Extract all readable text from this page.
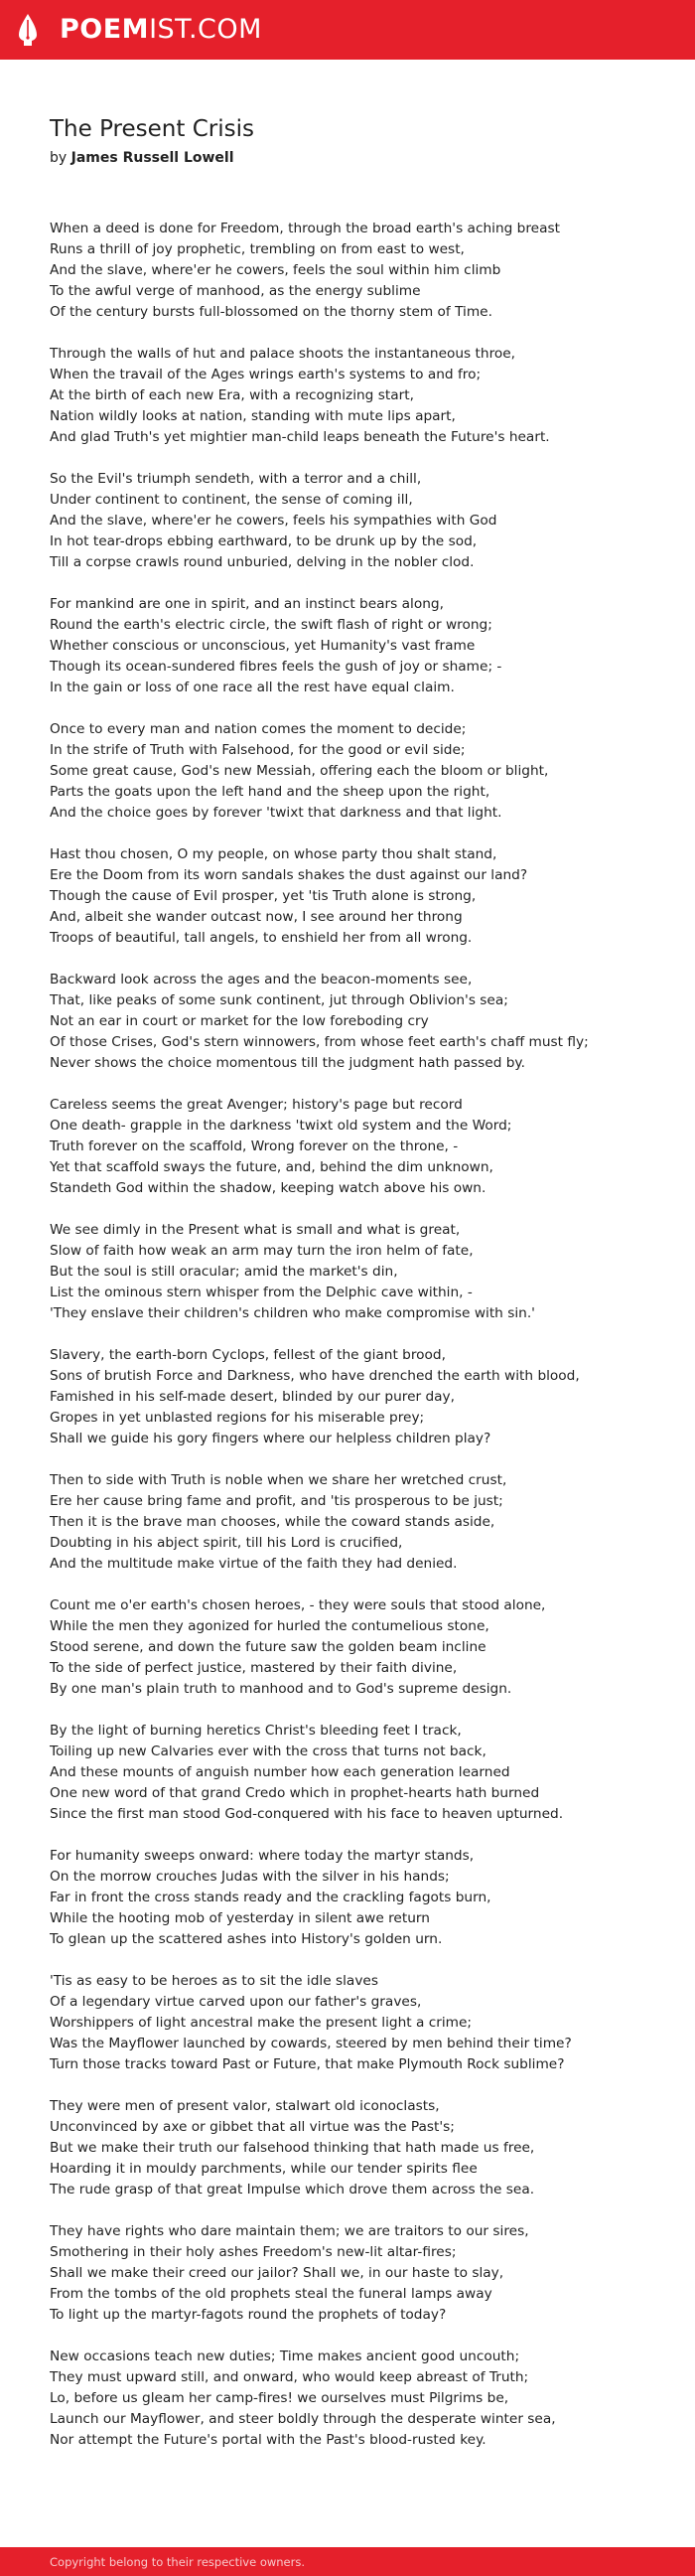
POEMIST.COM
The Present Crisis
by James Russell Lowell
When a deed is done for Freedom, through the broad earth's aching breast
Runs a thrill of joy prophetic, trembling on from east to west,
And the slave, where'er he cowers, feels the soul within him climb
To the awful verge of manhood, as the energy sublime
Of the century bursts full-blossomed on the thorny stem of Time.
Through the walls of hut and palace shoots the instantaneous throe,
When the travail of the Ages wrings earth's systems to and fro;
At the birth of each new Era, with a recognizing start,
Nation wildly looks at nation, standing with mute lips apart,
And glad Truth's yet mightier man-child leaps beneath the Future's heart.
So the Evil's triumph sendeth, with a terror and a chill,
Under continent to continent, the sense of coming ill,
And the slave, where'er he cowers, feels his sympathies with God
In hot tear-drops ebbing earthward, to be drunk up by the sod,
Till a corpse crawls round unburied, delving in the nobler clod.
For mankind are one in spirit, and an instinct bears along,
Round the earth's electric circle, the swift flash of right or wrong;
Whether conscious or unconscious, yet Humanity's vast frame
Though its ocean-sundered fibres feels the gush of joy or shame; -
In the gain or loss of one race all the rest have equal claim.
Once to every man and nation comes the moment to decide;
In the strife of Truth with Falsehood, for the good or evil side;
Some great cause, God's new Messiah, offering each the bloom or blight,
Parts the goats upon the left hand and the sheep upon the right,
And the choice goes by forever 'twixt that darkness and that light.
Hast thou chosen, O my people, on whose party thou shalt stand,
Ere the Doom from its worn sandals shakes the dust against our land?
Though the cause of Evil prosper, yet 'tis Truth alone is strong,
And, albeit she wander outcast now, I see around her throng
Troops of beautiful, tall angels, to enshield her from all wrong.
Backward look across the ages and the beacon-moments see,
That, like peaks of some sunk continent, jut through Oblivion's sea;
Not an ear in court or market for the low foreboding cry
Of those Crises, God's stern winnowers, from whose feet earth's chaff must fly;
Never shows the choice momentous till the judgment hath passed by.
Careless seems the great Avenger; history's page but record
One death- grapple in the darkness 'twixt old system and the Word;
Truth forever on the scaffold, Wrong forever on the throne, -
Yet that scaffold sways the future, and, behind the dim unknown,
Standeth God within the shadow, keeping watch above his own.
We see dimly in the Present what is small and what is great,
Slow of faith how weak an arm may turn the iron helm of fate,
But the soul is still oracular; amid the market's din,
List the ominous stern whisper from the Delphic cave within, -
'They enslave their children's children who make compromise with sin.'
Slavery, the earth-born Cyclops, fellest of the giant brood,
Sons of brutish Force and Darkness, who have drenched the earth with blood,
Famished in his self-made desert, blinded by our purer day,
Gropes in yet unblasted regions for his miserable prey;
Shall we guide his gory fingers where our helpless children play?
Then to side with Truth is noble when we share her wretched crust,
Ere her cause bring fame and profit, and 'tis prosperous to be just;
Then it is the brave man chooses, while the coward stands aside,
Doubting in his abject spirit, till his Lord is crucified,
And the multitude make virtue of the faith they had denied.
Count me o'er earth's chosen heroes, - they were souls that stood alone,
While the men they agonized for hurled the contumelious stone,
Stood serene, and down the future saw the golden beam incline
To the side of perfect justice, mastered by their faith divine,
By one man's plain truth to manhood and to God's supreme design.
By the light of burning heretics Christ's bleeding feet I track,
Toiling up new Calvaries ever with the cross that turns not back,
And these mounts of anguish number how each generation learned
One new word of that grand Credo which in prophet-hearts hath burned
Since the first man stood God-conquered with his face to heaven upturned.
For humanity sweeps onward: where today the martyr stands,
On the morrow crouches Judas with the silver in his hands;
Far in front the cross stands ready and the crackling fagots burn,
While the hooting mob of yesterday in silent awe return
To glean up the scattered ashes into History's golden urn.
'Tis as easy to be heroes as to sit the idle slaves
Of a legendary virtue carved upon our father's graves,
Worshippers of light ancestral make the present light a crime;
Was the Mayflower launched by cowards, steered by men behind their time?
Turn those tracks toward Past or Future, that make Plymouth Rock sublime?
They were men of present valor, stalwart old iconoclasts,
Unconvinced by axe or gibbet that all virtue was the Past's;
But we make their truth our falsehood thinking that hath made us free,
Hoarding it in mouldy parchments, while our tender spirits flee
The rude grasp of that great Impulse which drove them across the sea.
They have rights who dare maintain them; we are traitors to our sires,
Smothering in their holy ashes Freedom's new-lit altar-fires;
Shall we make their creed our jailor? Shall we, in our haste to slay,
From the tombs of the old prophets steal the funeral lamps away
To light up the martyr-fagots round the prophets of today?
New occasions teach new duties; Time makes ancient good uncouth;
They must upward still, and onward, who would keep abreast of Truth;
Lo, before us gleam her camp-fires! we ourselves must Pilgrims be,
Launch our Mayflower, and steer boldly through the desperate winter sea,
Nor attempt the Future's portal with the Past's blood-rusted key.
Copyright belong to their respective owners.
